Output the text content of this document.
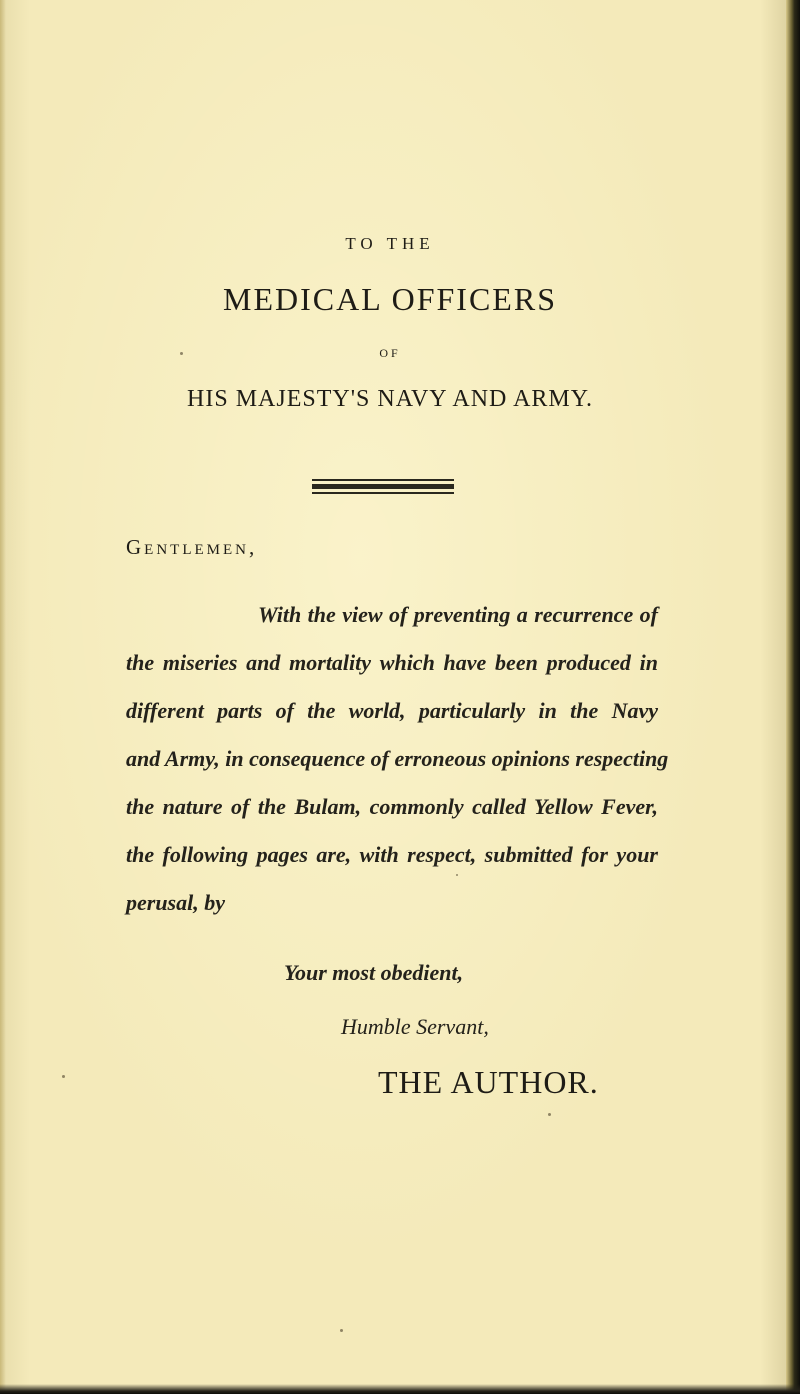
TO THE
MEDICAL OFFICERS
OF
HIS MAJESTY'S NAVY AND ARMY.
Gentlemen,
With the view of preventing a recurrence of
the miseries and mortality which have been produced in
different parts of the world, particularly in the Navy
and Army, in consequence of erroneous opinions respecting
the nature of the Bulam, commonly called Yellow Fever,
the following pages are, with respect, submitted for your
perusal, by
Your most obedient,
Humble Servant,
THE AUTHOR.
